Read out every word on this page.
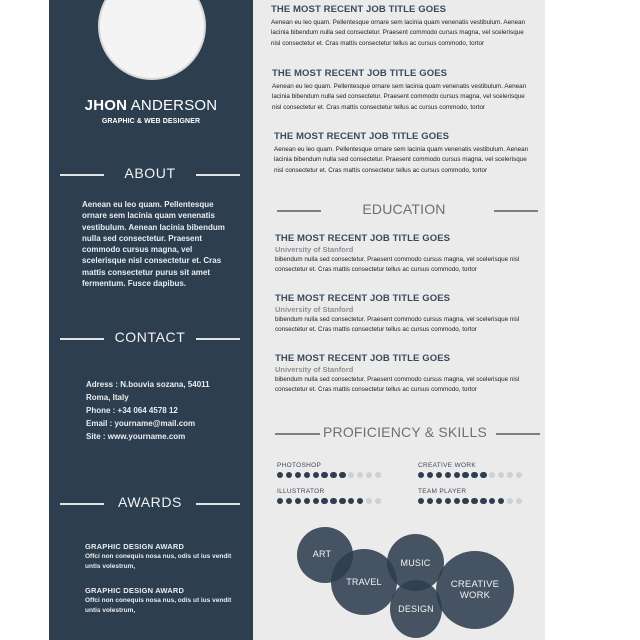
JHON ANDERSON
GRAPHIC & WEB DESIGNER
ABOUT
Aenean eu leo quam. Pellentesque ornare sem lacinia quam venenatis vestibulum. Aenean lacinia bibendum nulla sed consectetur. Praesent commodo cursus magna, vel scelerisque nisl consectetur et. Cras mattis consectetur purus sit amet fermentum. Fusce dapibus.
CONTACT
Adress : N.bouvia sozana, 54011
Roma, Italy
Phone : +34 064 4578 12
Email : yourname@mail.com
Site : www.yourname.com
AWARDS
GRAPHIC DESIGN AWARD
Offci non conequis nosa nus, odis ut ius vendit untis volestrum,
GRAPHIC DESIGN AWARD
Offci non conequis nosa nus, odis ut ius vendit untis volestrum,
THE MOST RECENT JOB TITLE GOES
Aenean eu leo quam. Pellentesque ornare sem lacinia quam venenatis vestibulum. Aenean lacinia bibendum nulla sed consectetur. Praesent commodo cursus magna, vel scelerisque nisl consectetur et. Cras mattis consectetur tellus ac cursus commodo, tortor
THE MOST RECENT JOB TITLE GOES
Aenean eu leo quam. Pellentesque ornare sem lacinia quam venenatis vestibulum. Aenean lacinia bibendum nulla sed consectetur. Praesent commodo cursus magna, vel scelerisque nisl consectetur et. Cras mattis consectetur tellus ac cursus commodo, tortor
THE MOST RECENT JOB TITLE GOES
Aenean eu leo quam. Pellentesque ornare sem lacinia quam venenatis vestibulum. Aenean lacinia bibendum nulla sed consectetur. Praesent commodo cursus magna, vel scelerisque nisl consectetur et. Cras mattis consectetur tellus ac cursus commodo, tortor
EDUCATION
THE MOST RECENT JOB TITLE GOES
University of Stanford
bibendum nulla sed consectetur. Praesent commodo cursus magna, vel scelerisque nisl consectetur et. Cras mattis consectetur tellus ac cursus commodo, tortor
THE MOST RECENT JOB TITLE GOES
University of Stanford
bibendum nulla sed consectetur. Praesent commodo cursus magna, vel scelerisque nisl consectetur et. Cras mattis consectetur tellus ac cursus commodo, tortor
THE MOST RECENT JOB TITLE GOES
University of Stanford
bibendum nulla sed consectetur. Praesent commodo cursus magna, vel scelerisque nisl consectetur et. Cras mattis consectetur tellus ac cursus commodo, tortor
PROFICIENCY & SKILLS
PHOTOSHOP	CREATIVE WORK
ILLUSTRATOR	TEAM PLAYER
ART
TRAVEL
MUSIC
DESIGN
CREATIVE WORK
